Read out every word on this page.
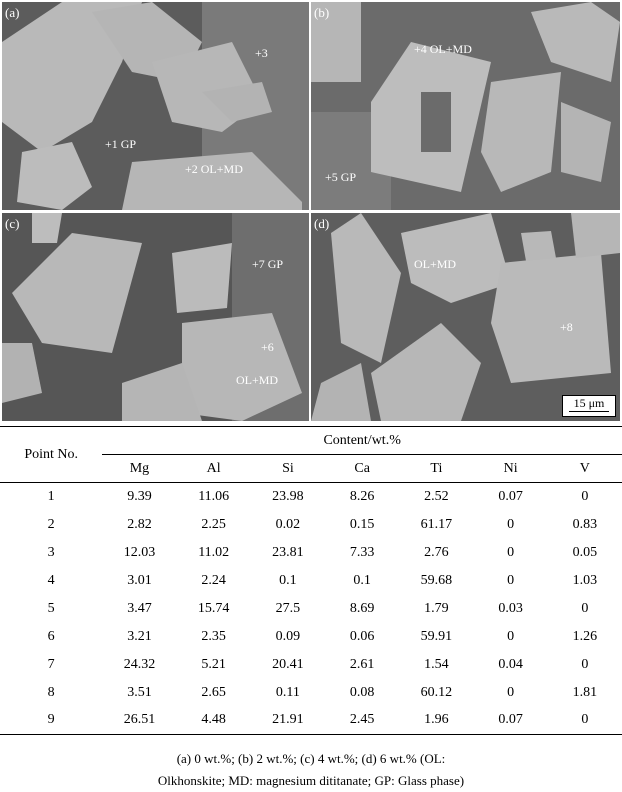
(a)
+3
+1 GP
+2 OL+MD
(b)
+4 OL+MD
+5 GP
(c)
+7 GP
+6
OL+MD
(d)
OL+MD
+8
15 μm
Point No.	Content/wt.%						
	Mg	Al	Si	Ca	Ti	Ni	V
1	9.39	11.06	23.98	8.26	2.52	0.07	0
2	2.82	2.25	0.02	0.15	61.17	0	0.83
3	12.03	11.02	23.81	7.33	2.76	0	0.05
4	3.01	2.24	0.1	0.1	59.68	0	1.03
5	3.47	15.74	27.5	8.69	1.79	0.03	0
6	3.21	2.35	0.09	0.06	59.91	0	1.26
7	24.32	5.21	20.41	2.61	1.54	0.04	0
8	3.51	2.65	0.11	0.08	60.12	0	1.81
9	26.51	4.48	21.91	2.45	1.96	0.07	0
(a) 0 wt.%; (b) 2 wt.%; (c) 4 wt.%; (d) 6 wt.% (OL:
Olkhonskite; MD: magnesium dititanate; GP: Glass phase)
